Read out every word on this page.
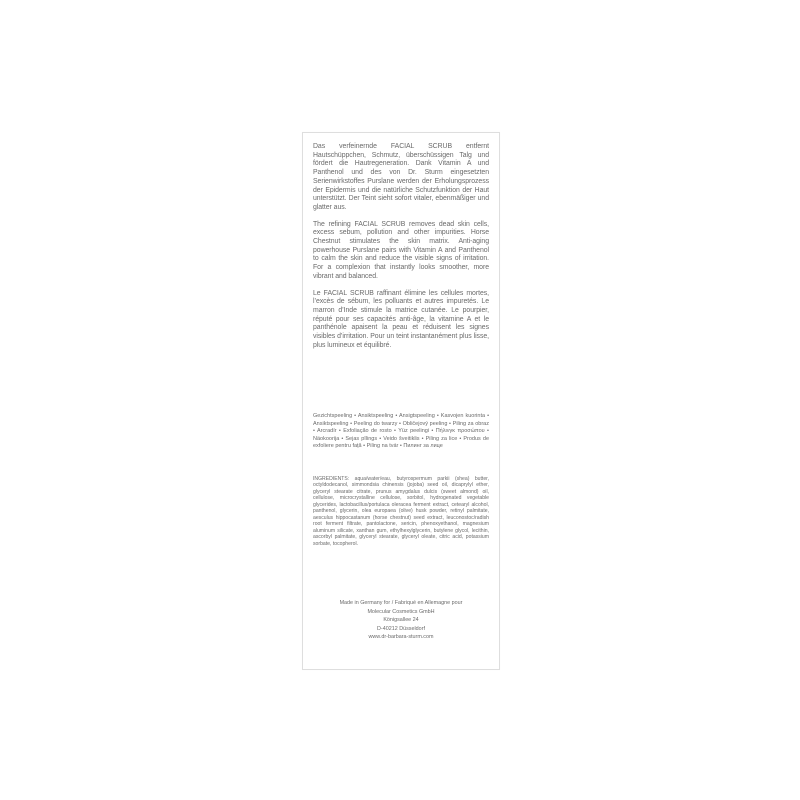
Das verfeinernde FACIAL SCRUB entfernt Hautschüppchen, Schmutz, überschüssigen Talg und fördert die Hautregeneration. Dank Vitamin A und Panthenol und des von Dr. Sturm eingesetzten Serienwirkstoffes Purslane werden der Erholungsprozess der Epidermis und die natürliche Schutzfunktion der Haut unterstützt. Der Teint sieht sofort vitaler, ebenmäßiger und glatter aus.

The refining FACIAL SCRUB removes dead skin cells, excess sebum, pollution and other impurities. Horse Chestnut stimulates the skin matrix. Anti-aging powerhouse Purslane pairs with Vitamin A and Panthenol to calm the skin and reduce the visible signs of irritation. For a complexion that instantly looks smoother, more vibrant and balanced.

Le FACIAL SCRUB raffinant élimine les cellules mortes, l’excès de sébum, les polluants et autres impuretés. Le marron d’Inde stimule la matrice cutanée. Le pourpier, réputé pour ses capacités anti-âge, la vitamine A et le panthénole apaisent la peau et réduisent les signes visibles d’irritation. Pour un teint instantanément plus lisse, plus lumineux et équilibré.

Gezichtspeeling • Ansiktspeeling • Ansigtspeeling • Kasvojen kuorinta • Ansiktspeeling • Peeling do twarzy • Obličejový peeling • Piling za obraz • Arcradír • Exfoliação de rosto • Yüz peelingi • Πήλινγκ προσώπου • Näokoorija • Sejas pīlings • Veido šveitiklis • Piling za lice • Produs de exfoliere pentru față • Piling na tvár • Пилинг за лице
INGREDIENTS: aqua/water/eau, butyrospermum parkii (shea) butter, octyldodecanol, simmondsia chinensis (jojoba) seed oil, dicaprylyl ether, glyceryl stearate citrate, prunus amygdalus dulcis (sweet almond) oil, cellulose, microcrystalline cellulose, sorbitol, hydrogenated vegetable glycerides, lactobacillus/portulaca oleracea ferment extract, cetearyl alcohol, panthenol, glycerin, olea europaea (olive) husk powder, retinyl palmitate, aesculus hippocastanum (horse chestnut) seed extract, leuconostoc/radish root ferment filtrate, pantolactone, sericin, phenoxyethanol, magnesium aluminum silicate, xanthan gum, ethylhexylglycerin, butylene glycol, lecithin, ascorbyl palmitate, glyceryl stearate, glyceryl oleate, citric acid, potassium sorbate, tocopherol.
Made in Germany for / Fabriqué en Allemagne pour
Molecular Cosmetics GmbH
Königsallee 24
D-40212 Düsseldorf
www.dr-barbara-sturm.com
